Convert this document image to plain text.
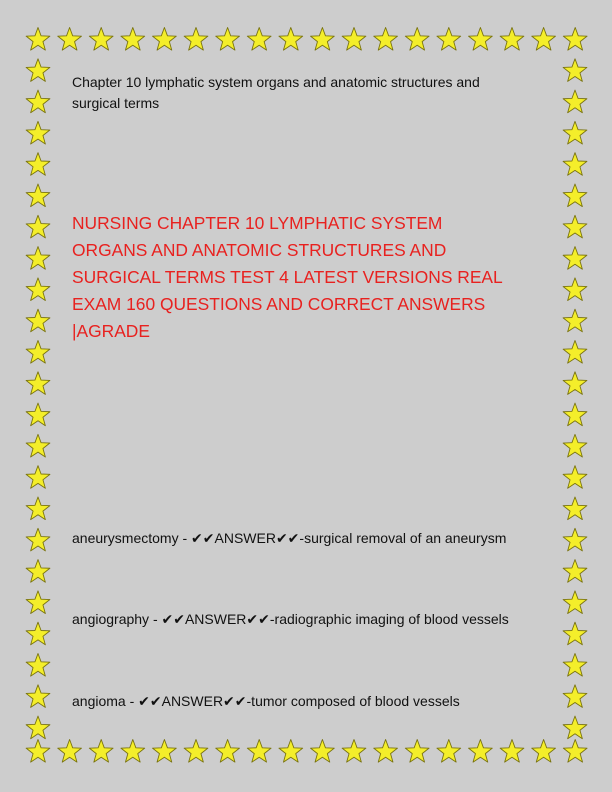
Chapter 10 lymphatic system organs and anatomic structures and surgical terms
NURSING CHAPTER 10 LYMPHATIC SYSTEM ORGANS AND ANATOMIC STRUCTURES AND SURGICAL TERMS TEST 4 LATEST VERSIONS REAL EXAM 160 QUESTIONS AND CORRECT ANSWERS |AGRADE
aneurysmectomy - ✔✔ANSWER✔✔-surgical removal of an aneurysm
angiography - ✔✔ANSWER✔✔-radiographic imaging of blood vessels
angioma - ✔✔ANSWER✔✔-tumor composed of blood vessels
